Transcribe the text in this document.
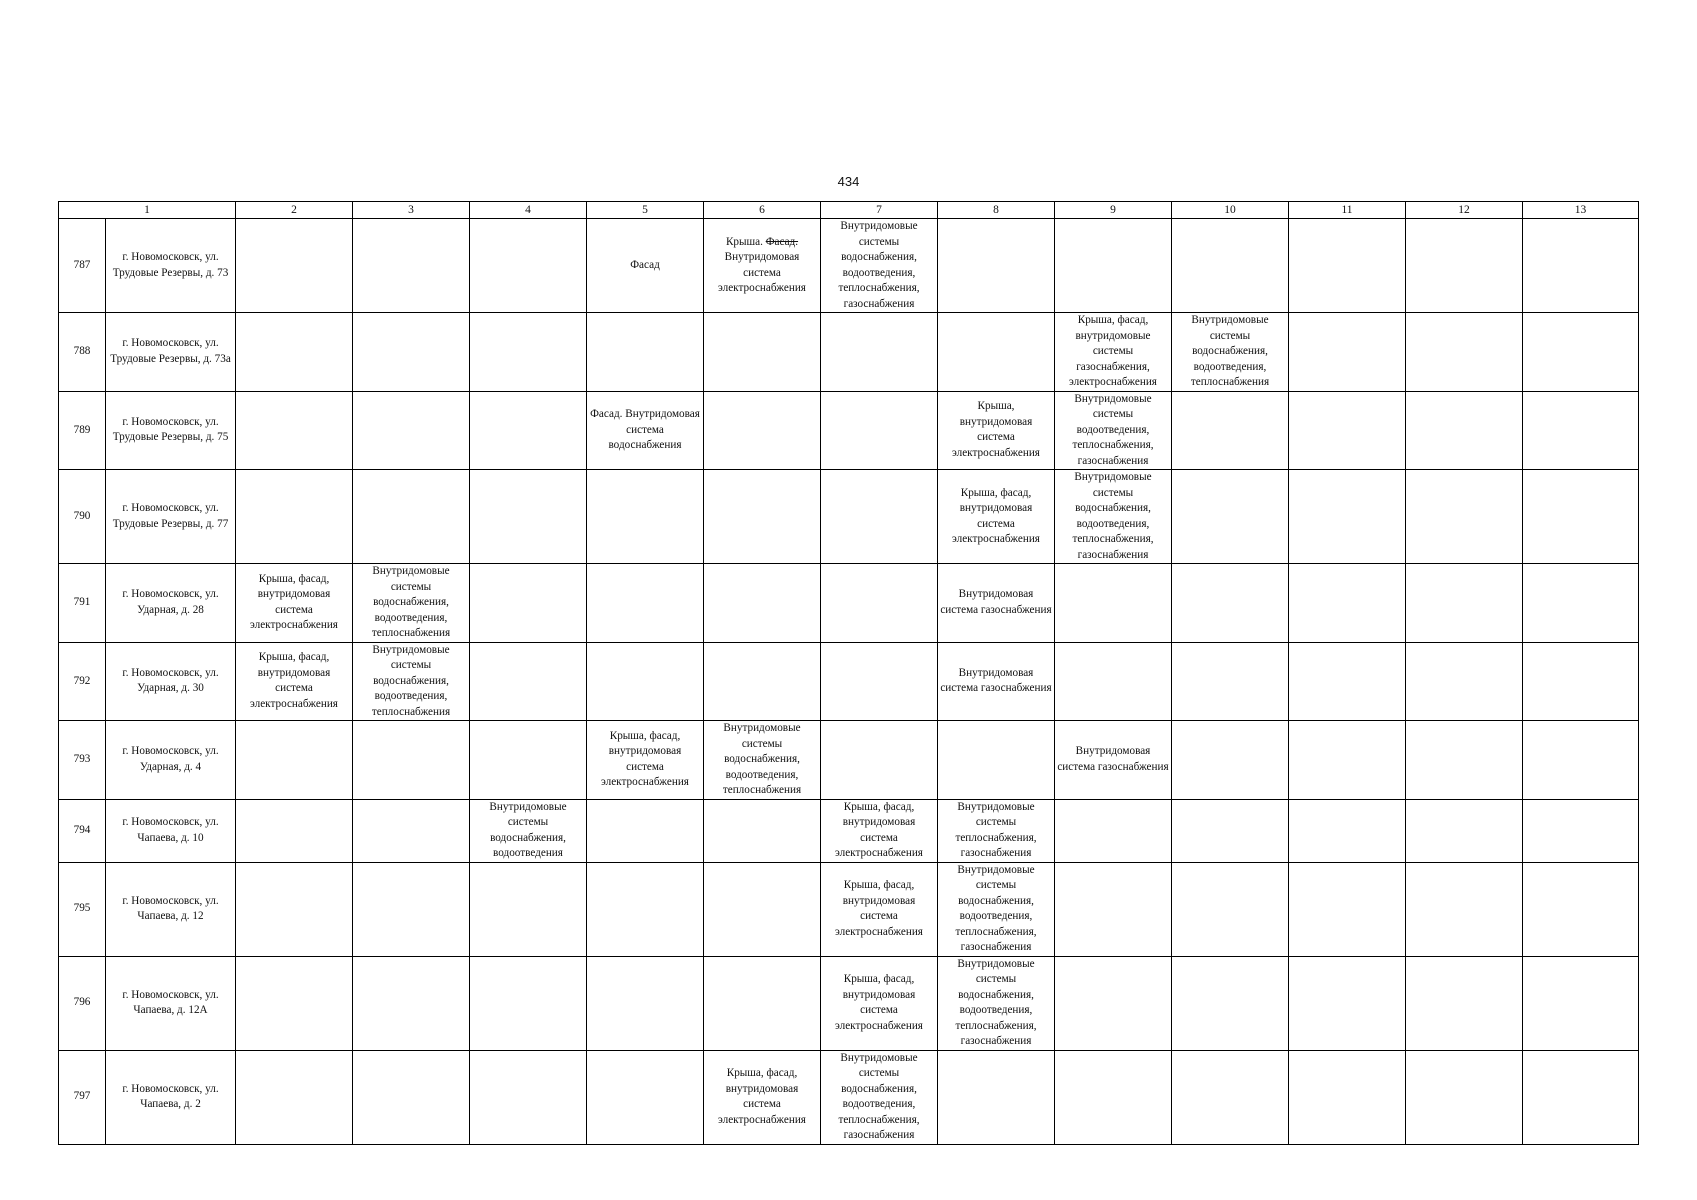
434
1		2	3	4	5	6	7	8	9	10	11	12	13
787	г. Новомосковск, ул. Трудовые Резервы, д. 73				Фасад	Крыша. Фасад. Внутридомовая система электроснабжения	Внутридомовые системы водоснабжения, водоотведения, теплоснабжения, газоснабжения						
788	г. Новомосковск, ул. Трудовые Резервы, д. 73а								Крыша, фасад, внутридомовые системы газоснабжения, электроснабжения	Внутридомовые системы водоснабжения, водоотведения, теплоснабжения			
789	г. Новомосковск, ул. Трудовые Резервы, д. 75				Фасад. Внутридомовая система водоснабжения			Крыша, внутридомовая система электроснабжения	Внутридомовые системы водоотведения, теплоснабжения, газоснабжения				
790	г. Новомосковск, ул. Трудовые Резервы, д. 77							Крыша, фасад, внутридомовая система электроснабжения	Внутридомовые системы водоснабжения, водоотведения, теплоснабжения, газоснабжения				
791	г. Новомосковск, ул. Ударная, д. 28	Крыша, фасад, внутридомовая система электроснабжения	Внутридомовые системы водоснабжения, водоотведения, теплоснабжения					Внутридомовая система газоснабжения					
792	г. Новомосковск, ул. Ударная, д. 30	Крыша, фасад, внутридомовая система электроснабжения	Внутридомовые системы водоснабжения, водоотведения, теплоснабжения					Внутридомовая система газоснабжения					
793	г. Новомосковск, ул. Ударная, д. 4				Крыша, фасад, внутридомовая система электроснабжения	Внутридомовые системы водоснабжения, водоотведения, теплоснабжения			Внутридомовая система газоснабжения				
794	г. Новомосковск, ул. Чапаева, д. 10			Внутридомовые системы водоснабжения, водоотведения			Крыша, фасад, внутридомовая система электроснабжения	Внутридомовые системы теплоснабжения, газоснабжения					
795	г. Новомосковск, ул. Чапаева, д. 12						Крыша, фасад, внутридомовая система электроснабжения	Внутридомовые системы водоснабжения, водоотведения, теплоснабжения, газоснабжения					
796	г. Новомосковск, ул. Чапаева, д. 12А						Крыша, фасад, внутридомовая система электроснабжения	Внутридомовые системы водоснабжения, водоотведения, теплоснабжения, газоснабжения					
797	г. Новомосковск, ул. Чапаева, д. 2					Крыша, фасад, внутридомовая система электроснабжения	Внутридомовые системы водоснабжения, водоотведения, теплоснабжения, газоснабжения						
